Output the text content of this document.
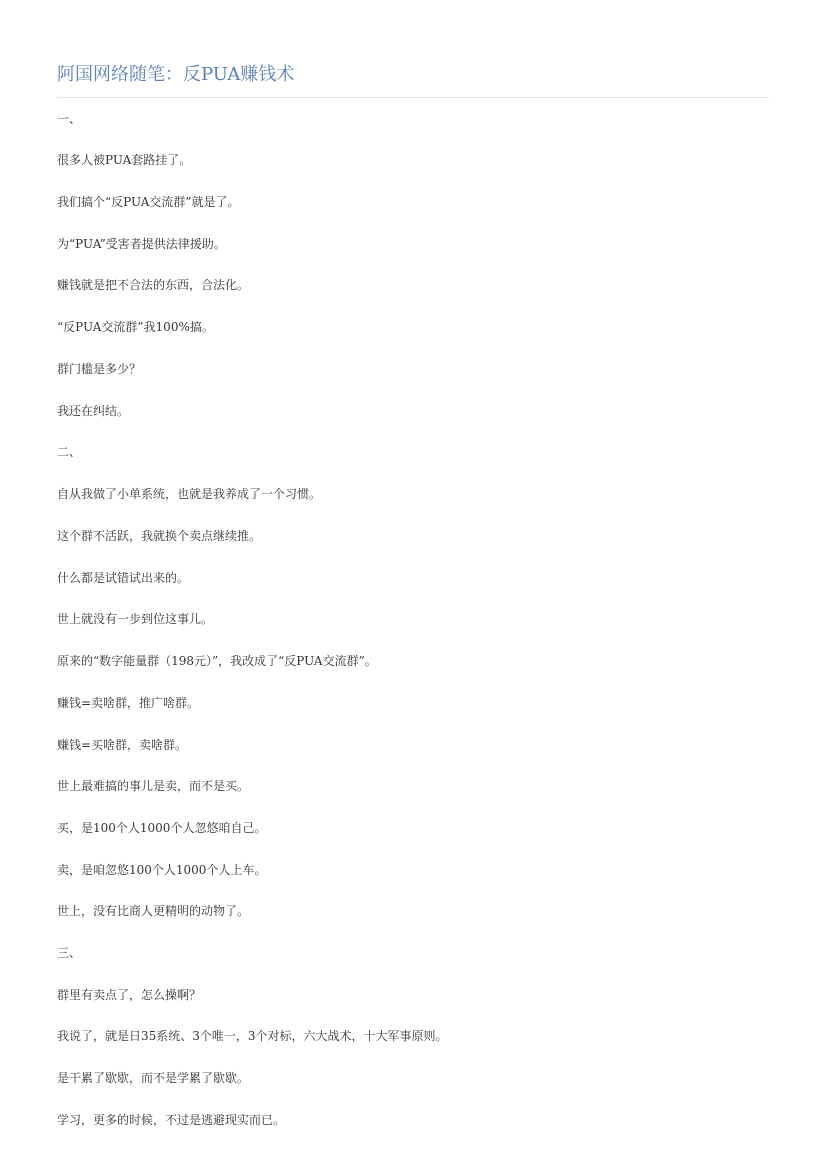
阿国网络随笔：反PUA赚钱术
一、
很多人被PUA套路挂了。
我们搞个“反PUA交流群”就是了。
为“PUA”受害者提供法律援助。
赚钱就是把不合法的东西，合法化。
“反PUA交流群”我100%搞。
群门槛是多少？
我还在纠结。
二、
自从我做了小单系统，也就是我养成了一个习惯。
这个群不活跃，我就换个卖点继续推。
什么都是试错试出来的。
世上就没有一步到位这事儿。
原来的“数字能量群（198元）”，我改成了“反PUA交流群”。
赚钱=卖啥群，推广啥群。
赚钱=买啥群，卖啥群。
世上最难搞的事儿是卖，而不是买。
买，是100个人1000个人忽悠咱自己。
卖，是咱忽悠100个人1000个人上车。
世上，没有比商人更精明的动物了。
三、
群里有卖点了，怎么操啊？
我说了，就是日35系统、3个唯一，3个对标，六大战术，十大军事原则。
是干累了歇歇，而不是学累了歇歇。
学习，更多的时候，不过是逃避现实而已。
